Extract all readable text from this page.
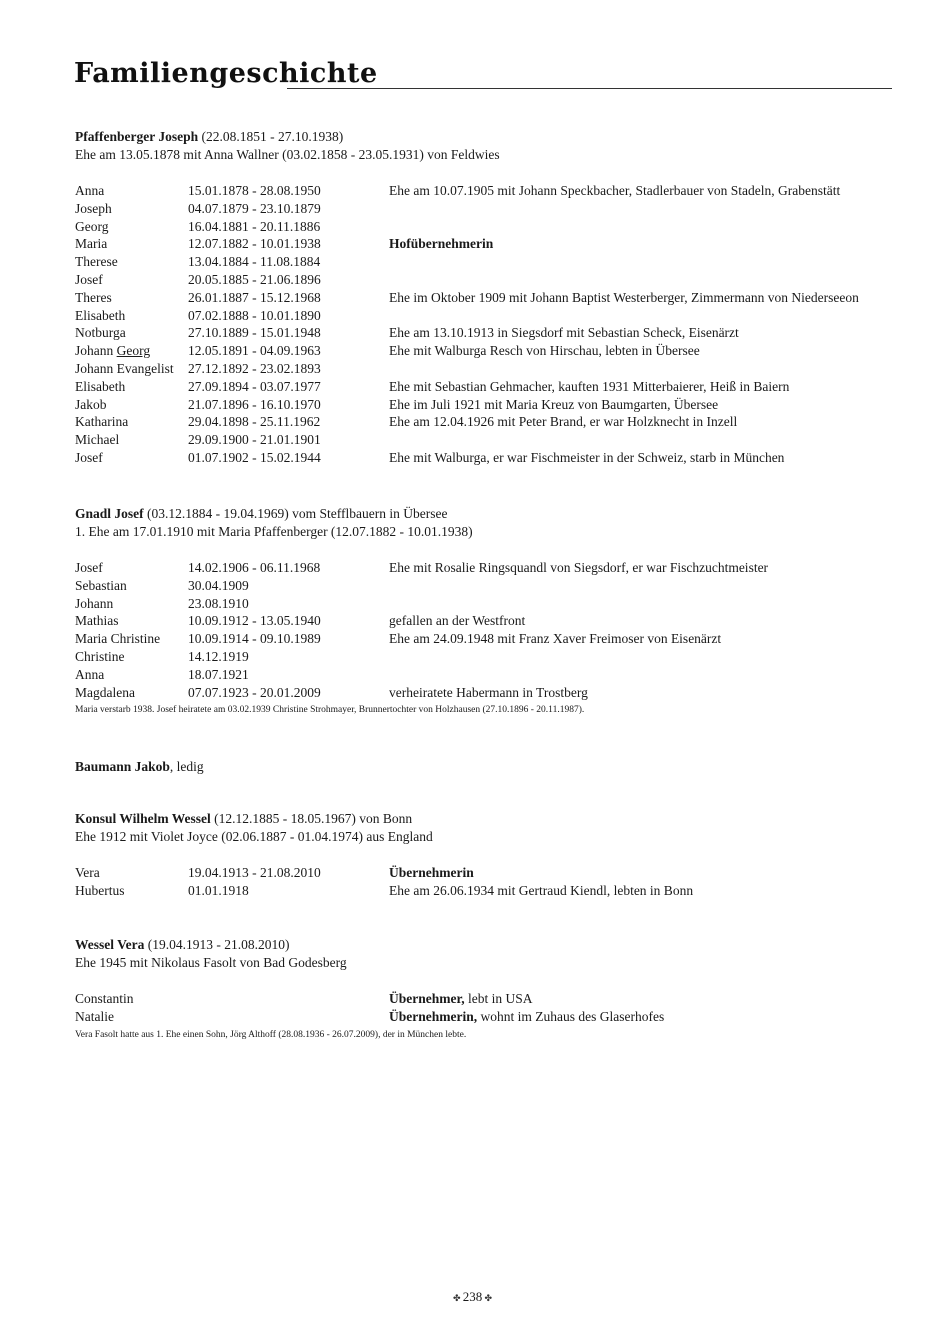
Familiengeschichte

Pfaffenberger Joseph (22.08.1851 - 27.10.1938)

Ehe am 13.05.1878 mit Anna Wallner (03.02.1858 - 23.05.1931) von Feldwies

Anna	15.01.1878 - 28.08.1950	Ehe am 10.07.1905 mit Johann Speckbacher, Stadlerbauer von Stadeln, Grabenstätt
Joseph	04.07.1879 - 23.10.1879
Georg	16.04.1881 - 20.11.1886
Maria	12.07.1882 - 10.01.1938	Hofübernehmerin
Therese	13.04.1884 - 11.08.1884
Josef	20.05.1885 - 21.06.1896
Theres	26.01.1887 - 15.12.1968	Ehe im Oktober 1909 mit Johann Baptist Westerberger, Zimmermann von Niederseeon
Elisabeth	07.02.1888 - 10.01.1890
Notburga	27.10.1889 - 15.01.1948	Ehe am 13.10.1913 in Siegsdorf mit Sebastian Scheck, Eisenärzt
Johann Georg	12.05.1891 - 04.09.1963	Ehe mit Walburga Resch von Hirschau, lebten in Übersee
Johann Evangelist 27.12.1892 - 23.02.1893
Elisabeth	27.09.1894 - 03.07.1977	Ehe mit Sebastian Gehmacher, kauften 1931 Mitterbaierer, Heiß in Baiern
Jakob	21.07.1896 - 16.10.1970	Ehe im Juli 1921 mit Maria Kreuz von Baumgarten, Übersee
Katharina	29.04.1898 - 25.11.1962	Ehe am 12.04.1926 mit Peter Brand, er war Holzknecht in Inzell
Michael	29.09.1900 - 21.01.1901
Josef	01.07.1902 - 15.02.1944	Ehe mit Walburga, er war Fischmeister in der Schweiz, starb in München

Gnadl Josef (03.12.1884 - 19.04.1969) vom Stefflbauern in Übersee

1. Ehe am 17.01.1910 mit Maria Pfaffenberger (12.07.1882 - 10.01.1938)

Josef	14.02.1906 - 06.11.1968	Ehe mit Rosalie Ringsquandl von Siegsdorf, er war Fischzuchtmeister
Sebastian	30.04.1909
Johann	23.08.1910
Mathias	10.09.1912 - 13.05.1940	gefallen an der Westfront
Maria Christine 10.09.1914 - 09.10.1989	Ehe am 24.09.1948 mit Franz Xaver Freimoser von Eisenärzt
Christine	14.12.1919
Anna	18.07.1921
Magdalena	07.07.1923 - 20.01.2009	verheiratete Habermann in Trostberg
Maria verstarb 1938. Josef heiratete am 03.02.1939 Christine Strohmayer, Brunnertochter von Holzhausen (27.10.1896 - 20.11.1987).

Baumann Jakob, ledig

Konsul Wilhelm Wessel (12.12.1885 - 18.05.1967) von Bonn

Ehe 1912 mit Violet Joyce (02.06.1887 - 01.04.1974) aus England

Vera	19.04.1913 - 21.08.2010	Übernehmerin
Hubertus	01.01.1918	Ehe am 26.06.1934 mit Gertraud Kiendl, lebten in Bonn

Wessel Vera (19.04.1913 - 21.08.2010)

Ehe 1945 mit Nikolaus Fasolt von Bad Godesberg

Constantin	Übernehmer, lebt in USA
Natalie	Übernehmerin, wohnt im Zuhaus des Glaserhofes
Vera Fasolt hatte aus 1. Ehe einen Sohn, Jörg Althoff (28.08.1936 - 26.07.2009), der in München lebte.
✤ 238 ✤
